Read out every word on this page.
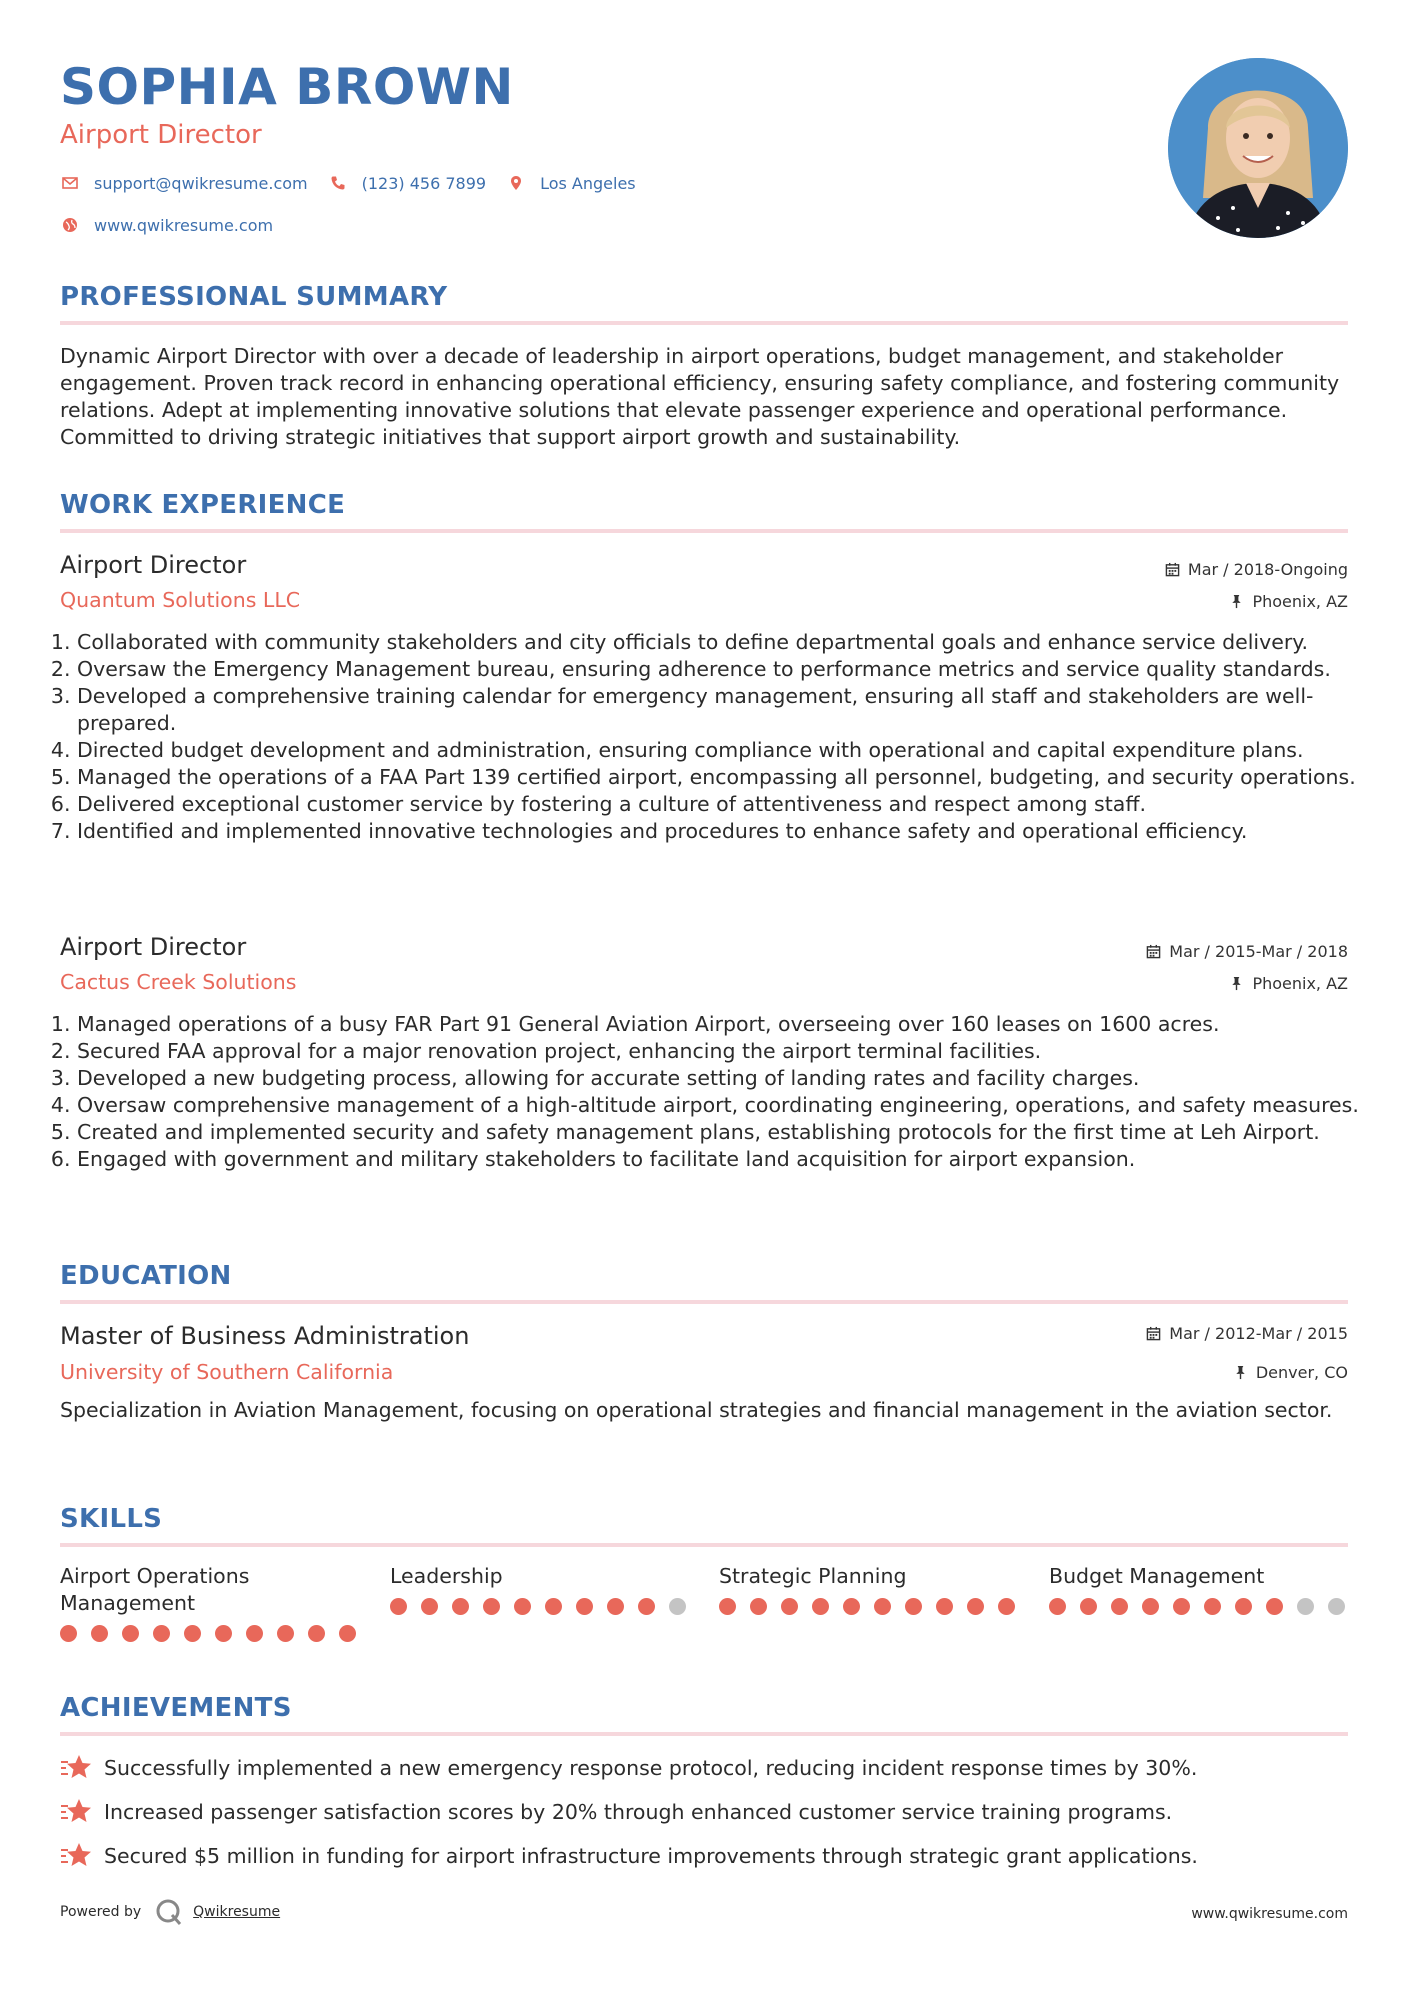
SOPHIA BROWN
Airport Director
support@qwikresume.com	(123) 456 7899	Los Angeles
www.qwikresume.com
PROFESSIONAL SUMMARY
Dynamic Airport Director with over a decade of leadership in airport operations, budget management, and stakeholder engagement. Proven track record in enhancing operational efficiency, ensuring safety compliance, and fostering community relations. Adept at implementing innovative solutions that elevate passenger experience and operational performance. Committed to driving strategic initiatives that support airport growth and sustainability.
WORK EXPERIENCE
Airport Director	Mar / 2018-Ongoing
Quantum Solutions LLC	Phoenix, AZ
1. Collaborated with community stakeholders and city officials to define departmental goals and enhance service delivery.
2. Oversaw the Emergency Management bureau, ensuring adherence to performance metrics and service quality standards.
3. Developed a comprehensive training calendar for emergency management, ensuring all staff and stakeholders are well-prepared.
4. Directed budget development and administration, ensuring compliance with operational and capital expenditure plans.
5. Managed the operations of a FAA Part 139 certified airport, encompassing all personnel, budgeting, and security operations.
6. Delivered exceptional customer service by fostering a culture of attentiveness and respect among staff.
7. Identified and implemented innovative technologies and procedures to enhance safety and operational efficiency.
Airport Director	Mar / 2015-Mar / 2018
Cactus Creek Solutions	Phoenix, AZ
1. Managed operations of a busy FAR Part 91 General Aviation Airport, overseeing over 160 leases on 1600 acres.
2. Secured FAA approval for a major renovation project, enhancing the airport terminal facilities.
3. Developed a new budgeting process, allowing for accurate setting of landing rates and facility charges.
4. Oversaw comprehensive management of a high-altitude airport, coordinating engineering, operations, and safety measures.
5. Created and implemented security and safety management plans, establishing protocols for the first time at Leh Airport.
6. Engaged with government and military stakeholders to facilitate land acquisition for airport expansion.
EDUCATION
Master of Business Administration	Mar / 2012-Mar / 2015
University of Southern California	Denver, CO
Specialization in Aviation Management, focusing on operational strategies and financial management in the aviation sector.
SKILLS
Airport Operations Management
Leadership	Strategic Planning	Budget Management
ACHIEVEMENTS
Successfully implemented a new emergency response protocol, reducing incident response times by 30%.
Increased passenger satisfaction scores by 20% through enhanced customer service training programs.
Secured $5 million in funding for airport infrastructure improvements through strategic grant applications.
Powered by	Qwikresume	www.qwikresume.com
